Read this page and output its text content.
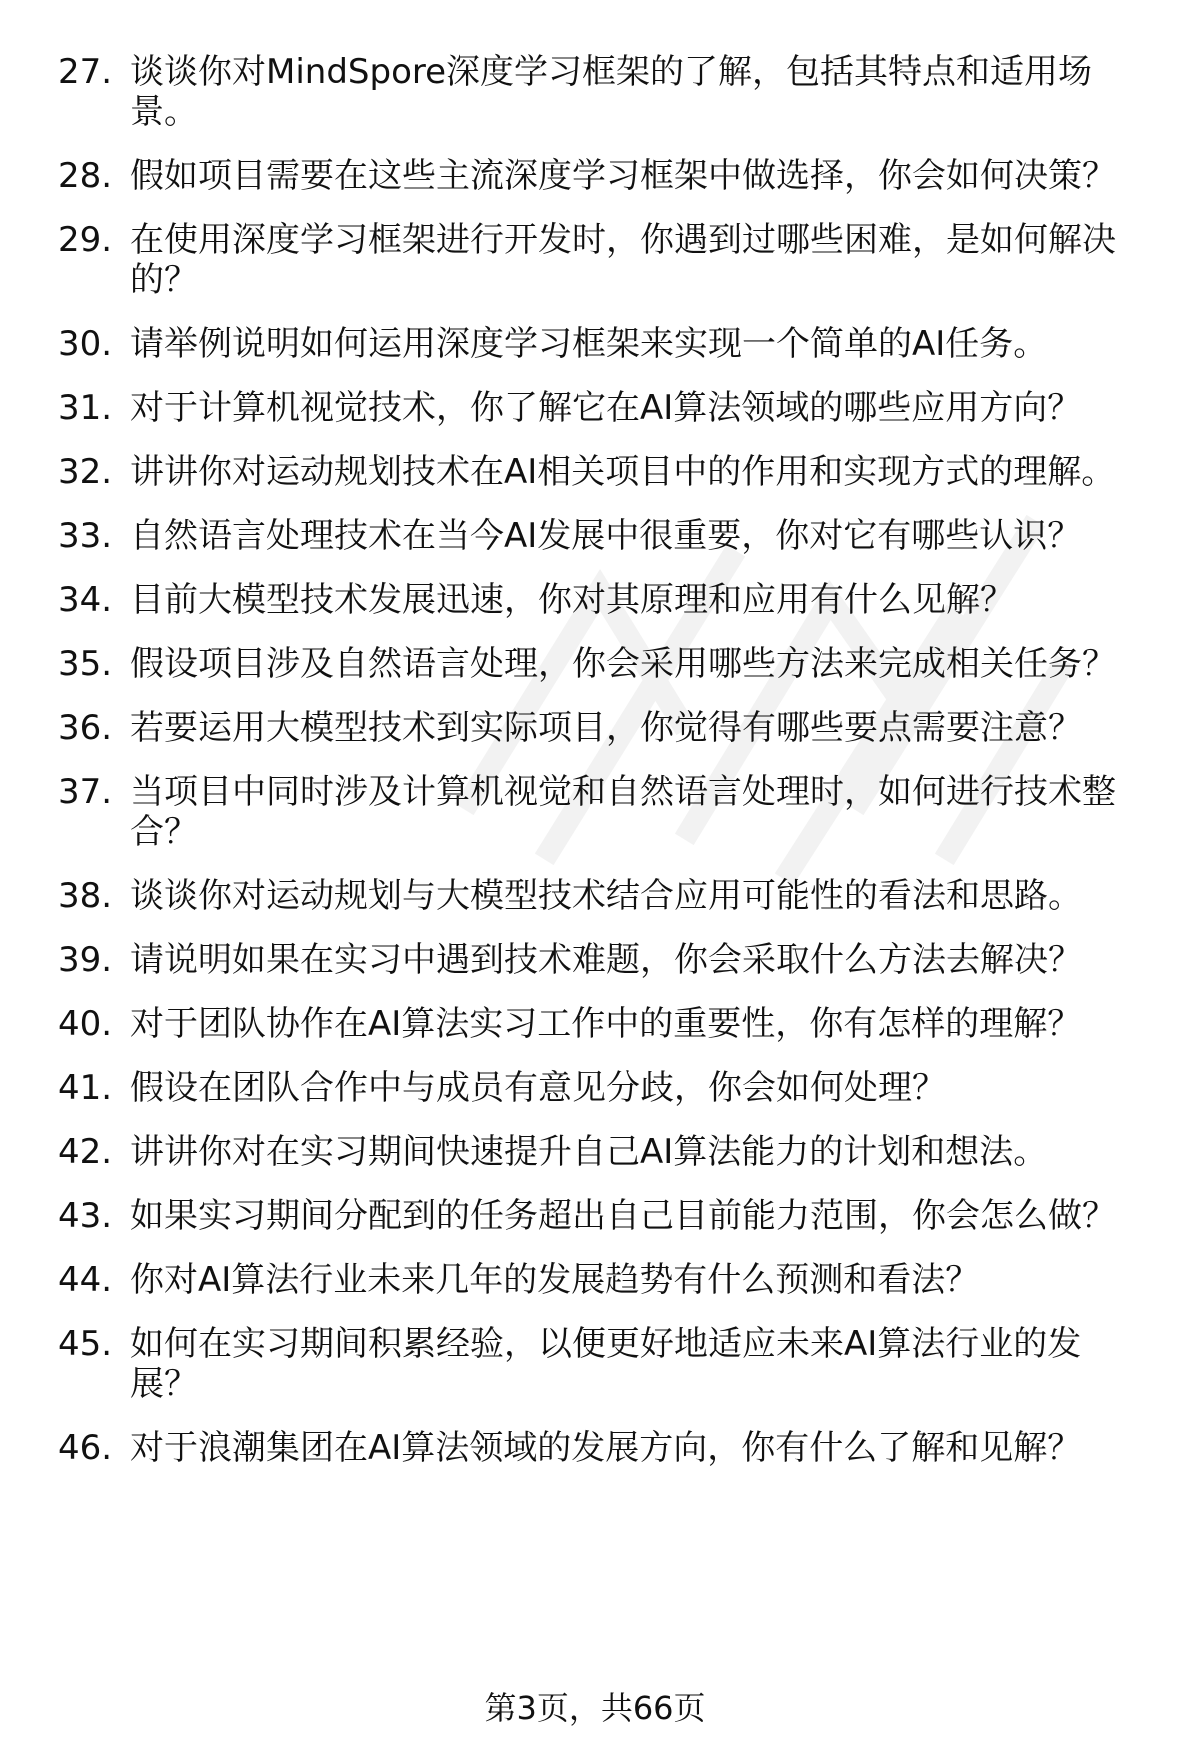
27. 谈谈你对MindSpore深度学习框架的了解，包括其特点和适用场景。
28. 假如项目需要在这些主流深度学习框架中做选择，你会如何决策？
29. 在使用深度学习框架进行开发时，你遇到过哪些困难，是如何解决的？
30. 请举例说明如何运用深度学习框架来实现一个简单的AI任务。
31. 对于计算机视觉技术，你了解它在AI算法领域的哪些应用方向？
32. 讲讲你对运动规划技术在AI相关项目中的作用和实现方式的理解。
33. 自然语言处理技术在当今AI发展中很重要，你对它有哪些认识？
34. 目前大模型技术发展迅速，你对其原理和应用有什么见解？
35. 假设项目涉及自然语言处理，你会采用哪些方法来完成相关任务？
36. 若要运用大模型技术到实际项目，你觉得有哪些要点需要注意？
37. 当项目中同时涉及计算机视觉和自然语言处理时，如何进行技术整合？
38. 谈谈你对运动规划与大模型技术结合应用可能性的看法和思路。
39. 请说明如果在实习中遇到技术难题，你会采取什么方法去解决？
40. 对于团队协作在AI算法实习工作中的重要性，你有怎样的理解？
41. 假设在团队合作中与成员有意见分歧，你会如何处理？
42. 讲讲你对在实习期间快速提升自己AI算法能力的计划和想法。
43. 如果实习期间分配到的任务超出自己目前能力范围，你会怎么做？
44. 你对AI算法行业未来几年的发展趋势有什么预测和看法？
45. 如何在实习期间积累经验，以便更好地适应未来AI算法行业的发展？
46. 对于浪潮集团在AI算法领域的发展方向，你有什么了解和见解？
第3页，共66页
